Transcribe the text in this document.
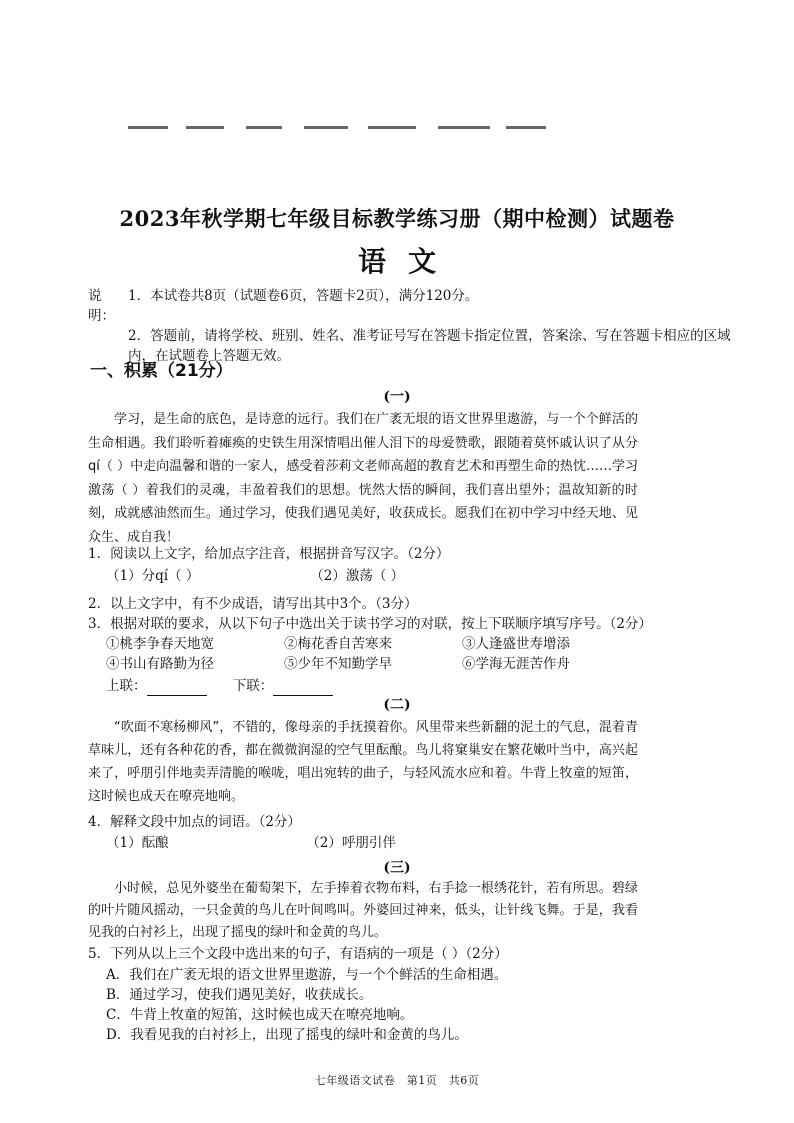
2023年秋学期七年级目标教学练习册（期中检测）试题卷
语文
说明：
1．本试卷共8页（试题卷6页，答题卡2页），满分120分。
2．答题前，请将学校、班别、姓名、准考证号写在答题卡指定位置，答案涂、写在答题卡相应的区域内，在试题卷上答题无效。
一、积累（21分）
(一)
学习，是生命的底色，是诗意的远行。我们在广袤无垠的语文世界里遨游，与一个个鲜活的生命相遇。我们聆听着瘫痪的史铁生用深情唱出催人泪下的母爱赞歌，跟随着莫怀戚认识了从分qí（ ）中走向温馨和谐的一家人，感受着莎莉文老师高超的教育艺术和再塑生命的热忱……学习激荡（ ）着我们的灵魂，丰盈着我们的思想。恍然大悟的瞬间，我们喜出望外；温故知新的时刻，成就感油然而生。通过学习，使我们遇见美好，收获成长。愿我们在初中学习中经天地、见众生、成自我！
1．阅读以上文字，给加点字注音，根据拼音写汉字。（2分）
（1）分qí（ ）	（2）激荡（ ）
2．以上文字中，有不少成语，请写出其中3个。（3分）
3．根据对联的要求，从以下句子中选出关于读书学习的对联，按上下联顺序填写序号。（2分）
①桃李争春天地宽	②梅花香自苦寒来	③人逢盛世寿增添
④书山有路勤为径	⑤少年不知勤学早	⑥学海无涯苦作舟
上联：	下联：
(二)
“吹面不寒杨柳风”，不错的，像母亲的手抚摸着你。风里带来些新翻的泥土的气息，混着青草味儿，还有各种花的香，都在微微润湿的空气里酝酿。鸟儿将窠巢安在繁花嫩叶当中，高兴起来了，呼朋引伴地卖弄清脆的喉咙，唱出宛转的曲子，与轻风流水应和着。牛背上牧童的短笛，这时候也成天在嘹亮地响。
4．解释文段中加点的词语。（2分）
（1）酝酿	（2）呼朋引伴
(三)
小时候，总见外婆坐在葡萄架下，左手捧着衣物布料，右手捻一根绣花针，若有所思。碧绿的叶片随风摇动，一只金黄的鸟儿在叶间鸣叫。外婆回过神来，低头，让针线飞舞。于是，我看见我的白衬衫上，出现了摇曳的绿叶和金黄的鸟儿。
5．下列从以上三个文段中选出来的句子，有语病的一项是（ ）（2分）
A．我们在广袤无垠的语文世界里遨游，与一个个鲜活的生命相遇。
B．通过学习，使我们遇见美好，收获成长。
C．牛背上牧童的短笛，这时候也成天在嘹亮地响。
D．我看见我的白衬衫上，出现了摇曳的绿叶和金黄的鸟儿。
七年级语文试卷　第1页　共6页
